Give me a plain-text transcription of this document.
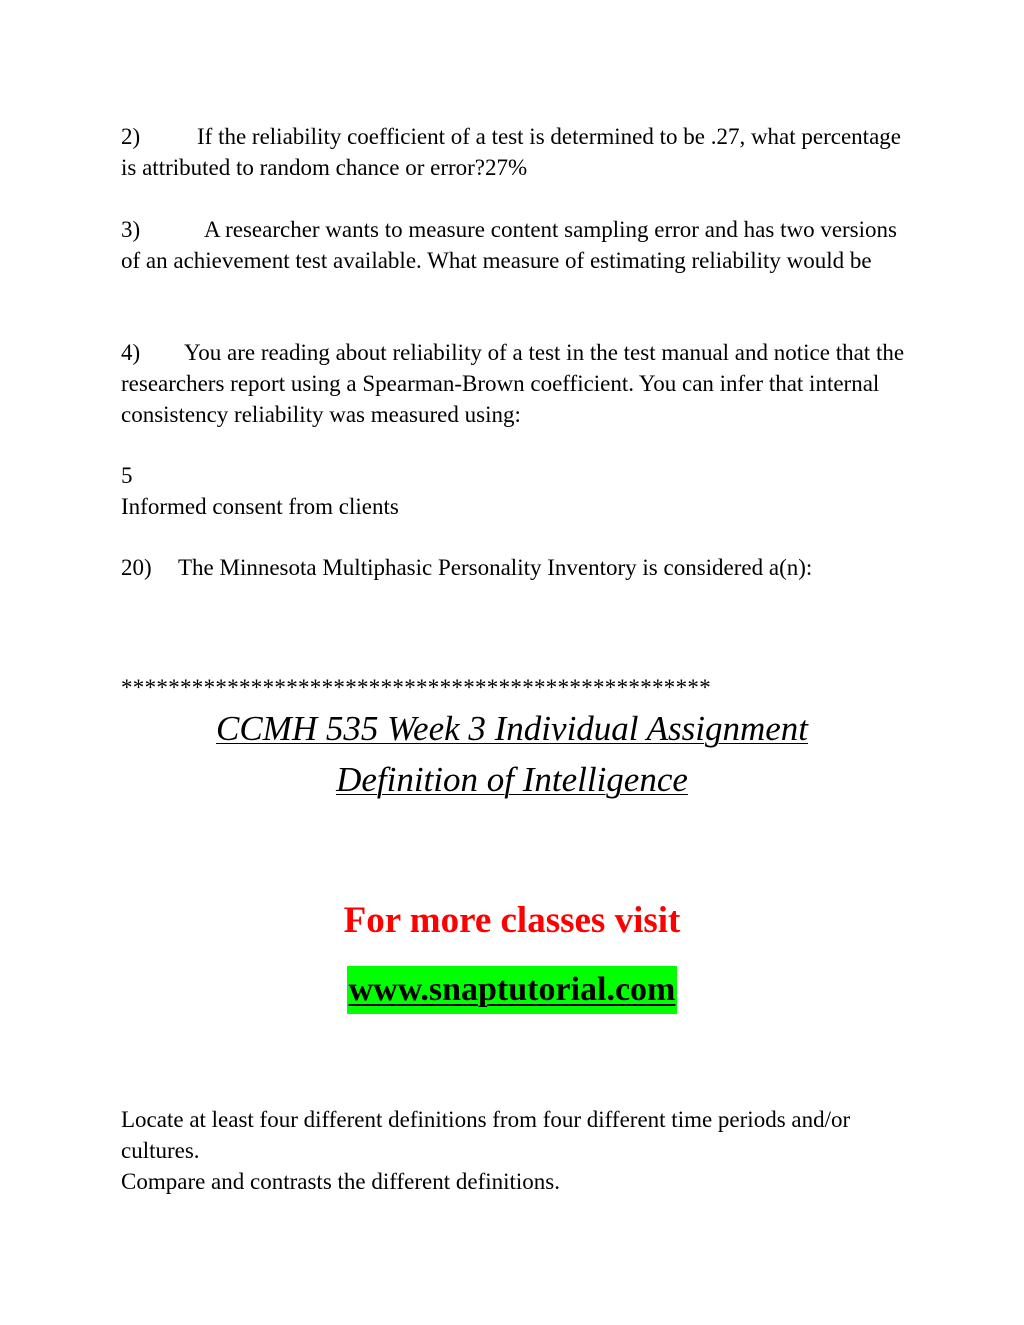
2) If the reliability coefficient of a test is determined to be .27, what percentage is attributed to random chance or error?27%

3)	A researcher wants to measure content sampling error and has two versions of an achievement test available. What measure of estimating reliability would be

4) You are reading about reliability of a test in the test manual and notice that the researchers report using a Spearman-Brown coefficient. You can infer that internal consistency reliability was measured using:

5
Informed consent from clients

20) The Minnesota Multiphasic Personality Inventory is considered a(n):

**************************************************

CCMH 535 Week 3 Individual Assignment

Definition of Intelligence

For more classes visit

www.snaptutorial.com

Locate at least four different definitions from four different time periods and/or cultures.
Compare and contrasts the different definitions.
